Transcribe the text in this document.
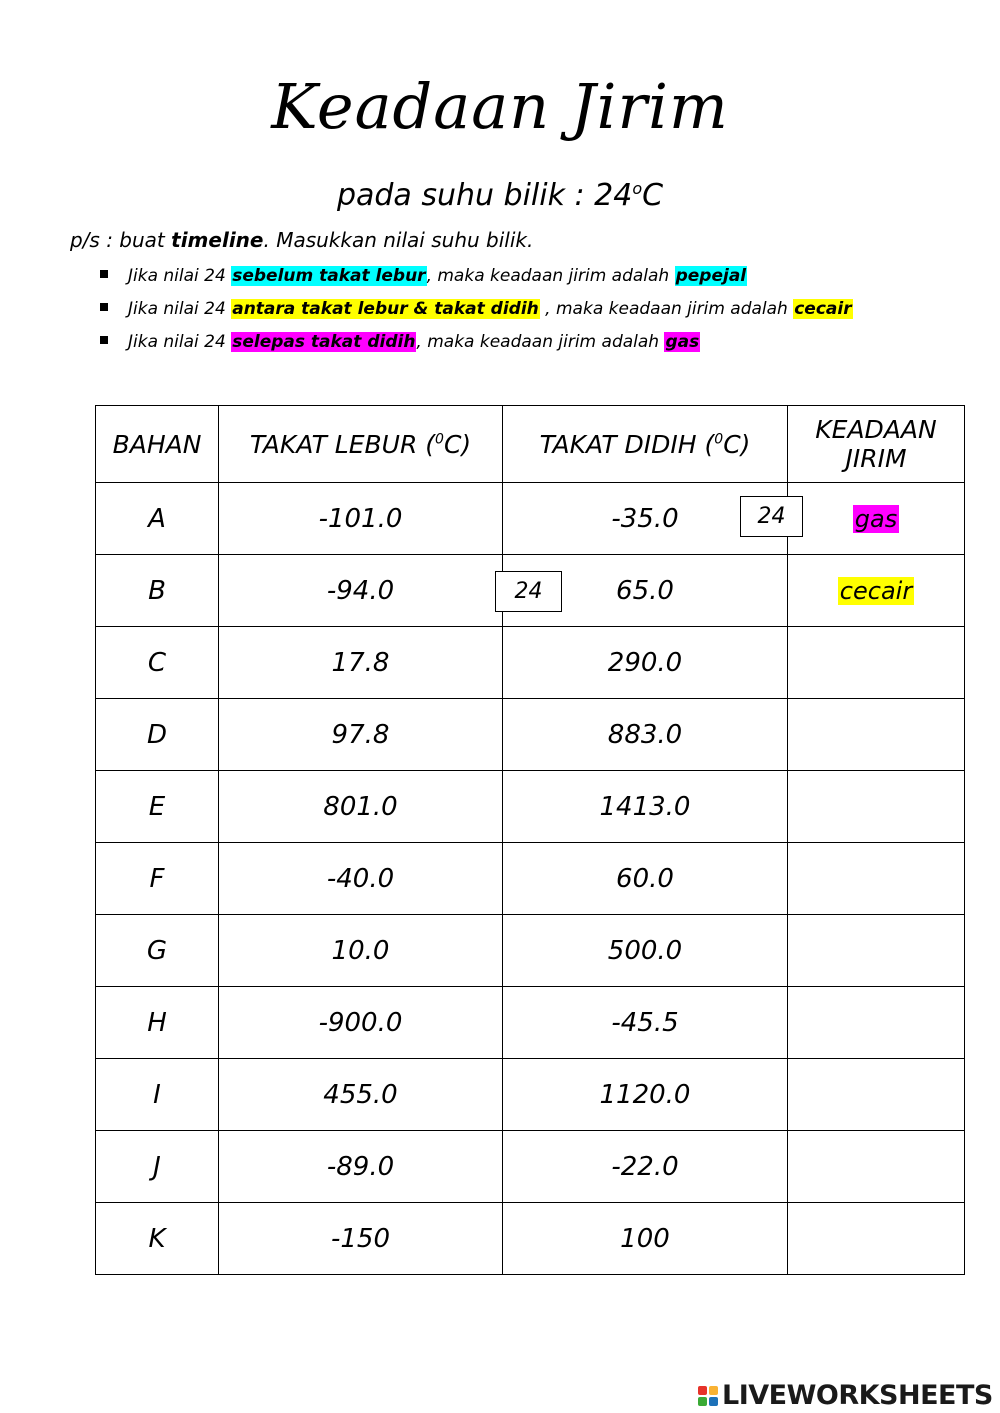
Keadaan Jirim
pada suhu bilik : 24$^o$C
p/s : buat timeline. Masukkan nilai suhu bilik.
Jika nilai 24 sebelum takat lebur, maka keadaan jirim adalah pepejal
Jika nilai 24 antara takat lebur & takat didih , maka keadaan jirim adalah cecair
Jika nilai 24 selepas takat didih, maka keadaan jirim adalah gas
BAHAN	TAKAT LEBUR ($^0$C)	TAKAT DIDIH ($^0$C)	KEADAAN JIRIM
A	-101.0	-35.0	gas
B	-94.0	65.0	cecair
C	17.8	290.0	
D	97.8	883.0	
E	801.0	1413.0	
F	-40.0	60.0	
G	10.0	500.0	
H	-900.0	-45.5	
I	455.0	1120.0	
J	-89.0	-22.0	
K	-150	100	
24
24
LIVEWORKSHEETS
